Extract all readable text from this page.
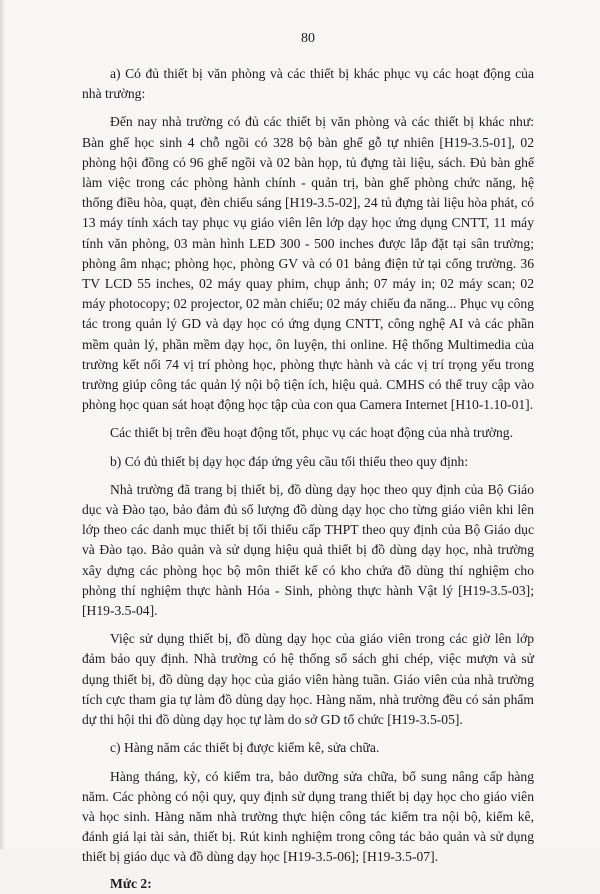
80

a) Có đủ thiết bị văn phòng và các thiết bị khác phục vụ các hoạt động của nhà trường:

Đến nay nhà trường có đủ các thiết bị văn phòng và các thiết bị khác như: Bàn ghế học sinh 4 chỗ ngồi có 328 bộ bàn ghế gỗ tự nhiên [H19-3.5-01], 02 phòng hội đồng có 96 ghế ngồi và 02 bàn họp, tủ đựng tài liệu, sách. Đủ bàn ghế làm việc trong các phòng hành chính - quản trị, bàn ghế phòng chức năng, hệ thống điều hòa, quạt, đèn chiếu sáng [H19-3.5-02], 24 tủ đựng tài liệu hòa phát, có 13 máy tính xách tay phục vụ giáo viên lên lớp dạy học ứng dụng CNTT, 11 máy tính văn phòng, 03 màn hình LED 300 - 500 inches được lắp đặt tại sân trường; phòng âm nhạc; phòng học, phòng GV và có 01 bảng điện tử tại cổng trường. 36 TV LCD 55 inches, 02 máy quay phim, chụp ảnh; 07 máy in; 02 máy scan; 02 máy photocopy; 02 projector, 02 màn chiếu; 02 máy chiếu đa năng... Phục vụ công tác trong quản lý GD và dạy học có ứng dụng CNTT, công nghệ AI và các phần mềm quản lý, phần mềm dạy học, ôn luyện, thi online. Hệ thống Multimedia của trường kết nối 74 vị trí phòng học, phòng thực hành và các vị trí trọng yếu trong trường giúp công tác quản lý nội bộ tiện ích, hiệu quả. CMHS có thể truy cập vào phòng học quan sát hoạt động học tập của con qua Camera Internet [H10-1.10-01].

Các thiết bị trên đều hoạt động tốt, phục vụ các hoạt động của nhà trường.

b) Có đủ thiết bị dạy học đáp ứng yêu cầu tối thiểu theo quy định:

Nhà trường đã trang bị thiết bị, đồ dùng dạy học theo quy định của Bộ Giáo dục và Đào tạo, bảo đảm đủ số lượng đồ dùng dạy học cho từng giáo viên khi lên lớp theo các danh mục thiết bị tối thiểu cấp THPT theo quy định của Bộ Giáo dục và Đào tạo. Bảo quản và sử dụng hiệu quả thiết bị đồ dùng dạy học, nhà trường xây dựng các phòng học bộ môn thiết kế có kho chứa đồ dùng thí nghiệm cho phòng thí nghiệm thực hành Hóa - Sinh, phòng thực hành Vật lý [H19-3.5-03]; [H19-3.5-04].

Việc sử dụng thiết bị, đồ dùng dạy học của giáo viên trong các giờ lên lớp đảm bảo quy định. Nhà trường có hệ thống sổ sách ghi chép, việc mượn và sử dụng thiết bị, đồ dùng dạy học của giáo viên hàng tuần. Giáo viên của nhà trường tích cực tham gia tự làm đồ dùng dạy học. Hàng năm, nhà trường đều có sản phẩm dự thi hội thi đồ dùng dạy học tự làm do sở GD tổ chức [H19-3.5-05].

c) Hàng năm các thiết bị được kiểm kê, sửa chữa.

Hàng tháng, kỳ, có kiểm tra, bảo dưỡng sửa chữa, bổ sung nâng cấp hàng năm. Các phòng có nội quy, quy định sử dụng trang thiết bị dạy học cho giáo viên và học sinh. Hàng năm nhà trường thực hiện công tác kiểm tra nội bộ, kiểm kê, đánh giá lại tài sản, thiết bị. Rút kinh nghiệm trong công tác bảo quản và sử dụng thiết bị giáo dục và đồ dùng dạy học [H19-3.5-06]; [H19-3.5-07].

Mức 2:
